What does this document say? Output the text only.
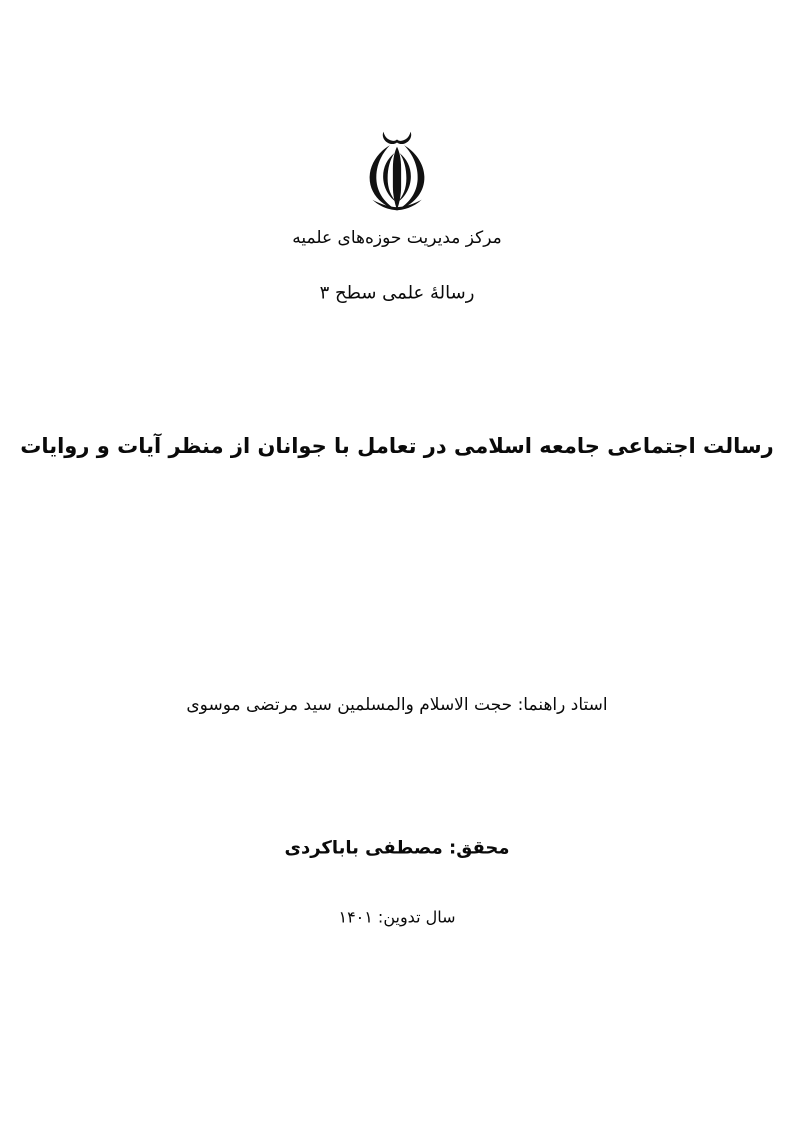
مرکز مدیریت حوزه‌های علمیه
رسالۀ علمی سطح ۳
رسالت اجتماعی جامعه اسلامی در تعامل با جوانان از منظر آیات و روایات
استاد راهنما: حجت الاسلام والمسلمین سید مرتضی موسوی
محقق: مصطفی باباکردی
سال تدوین: ۱۴۰۱
